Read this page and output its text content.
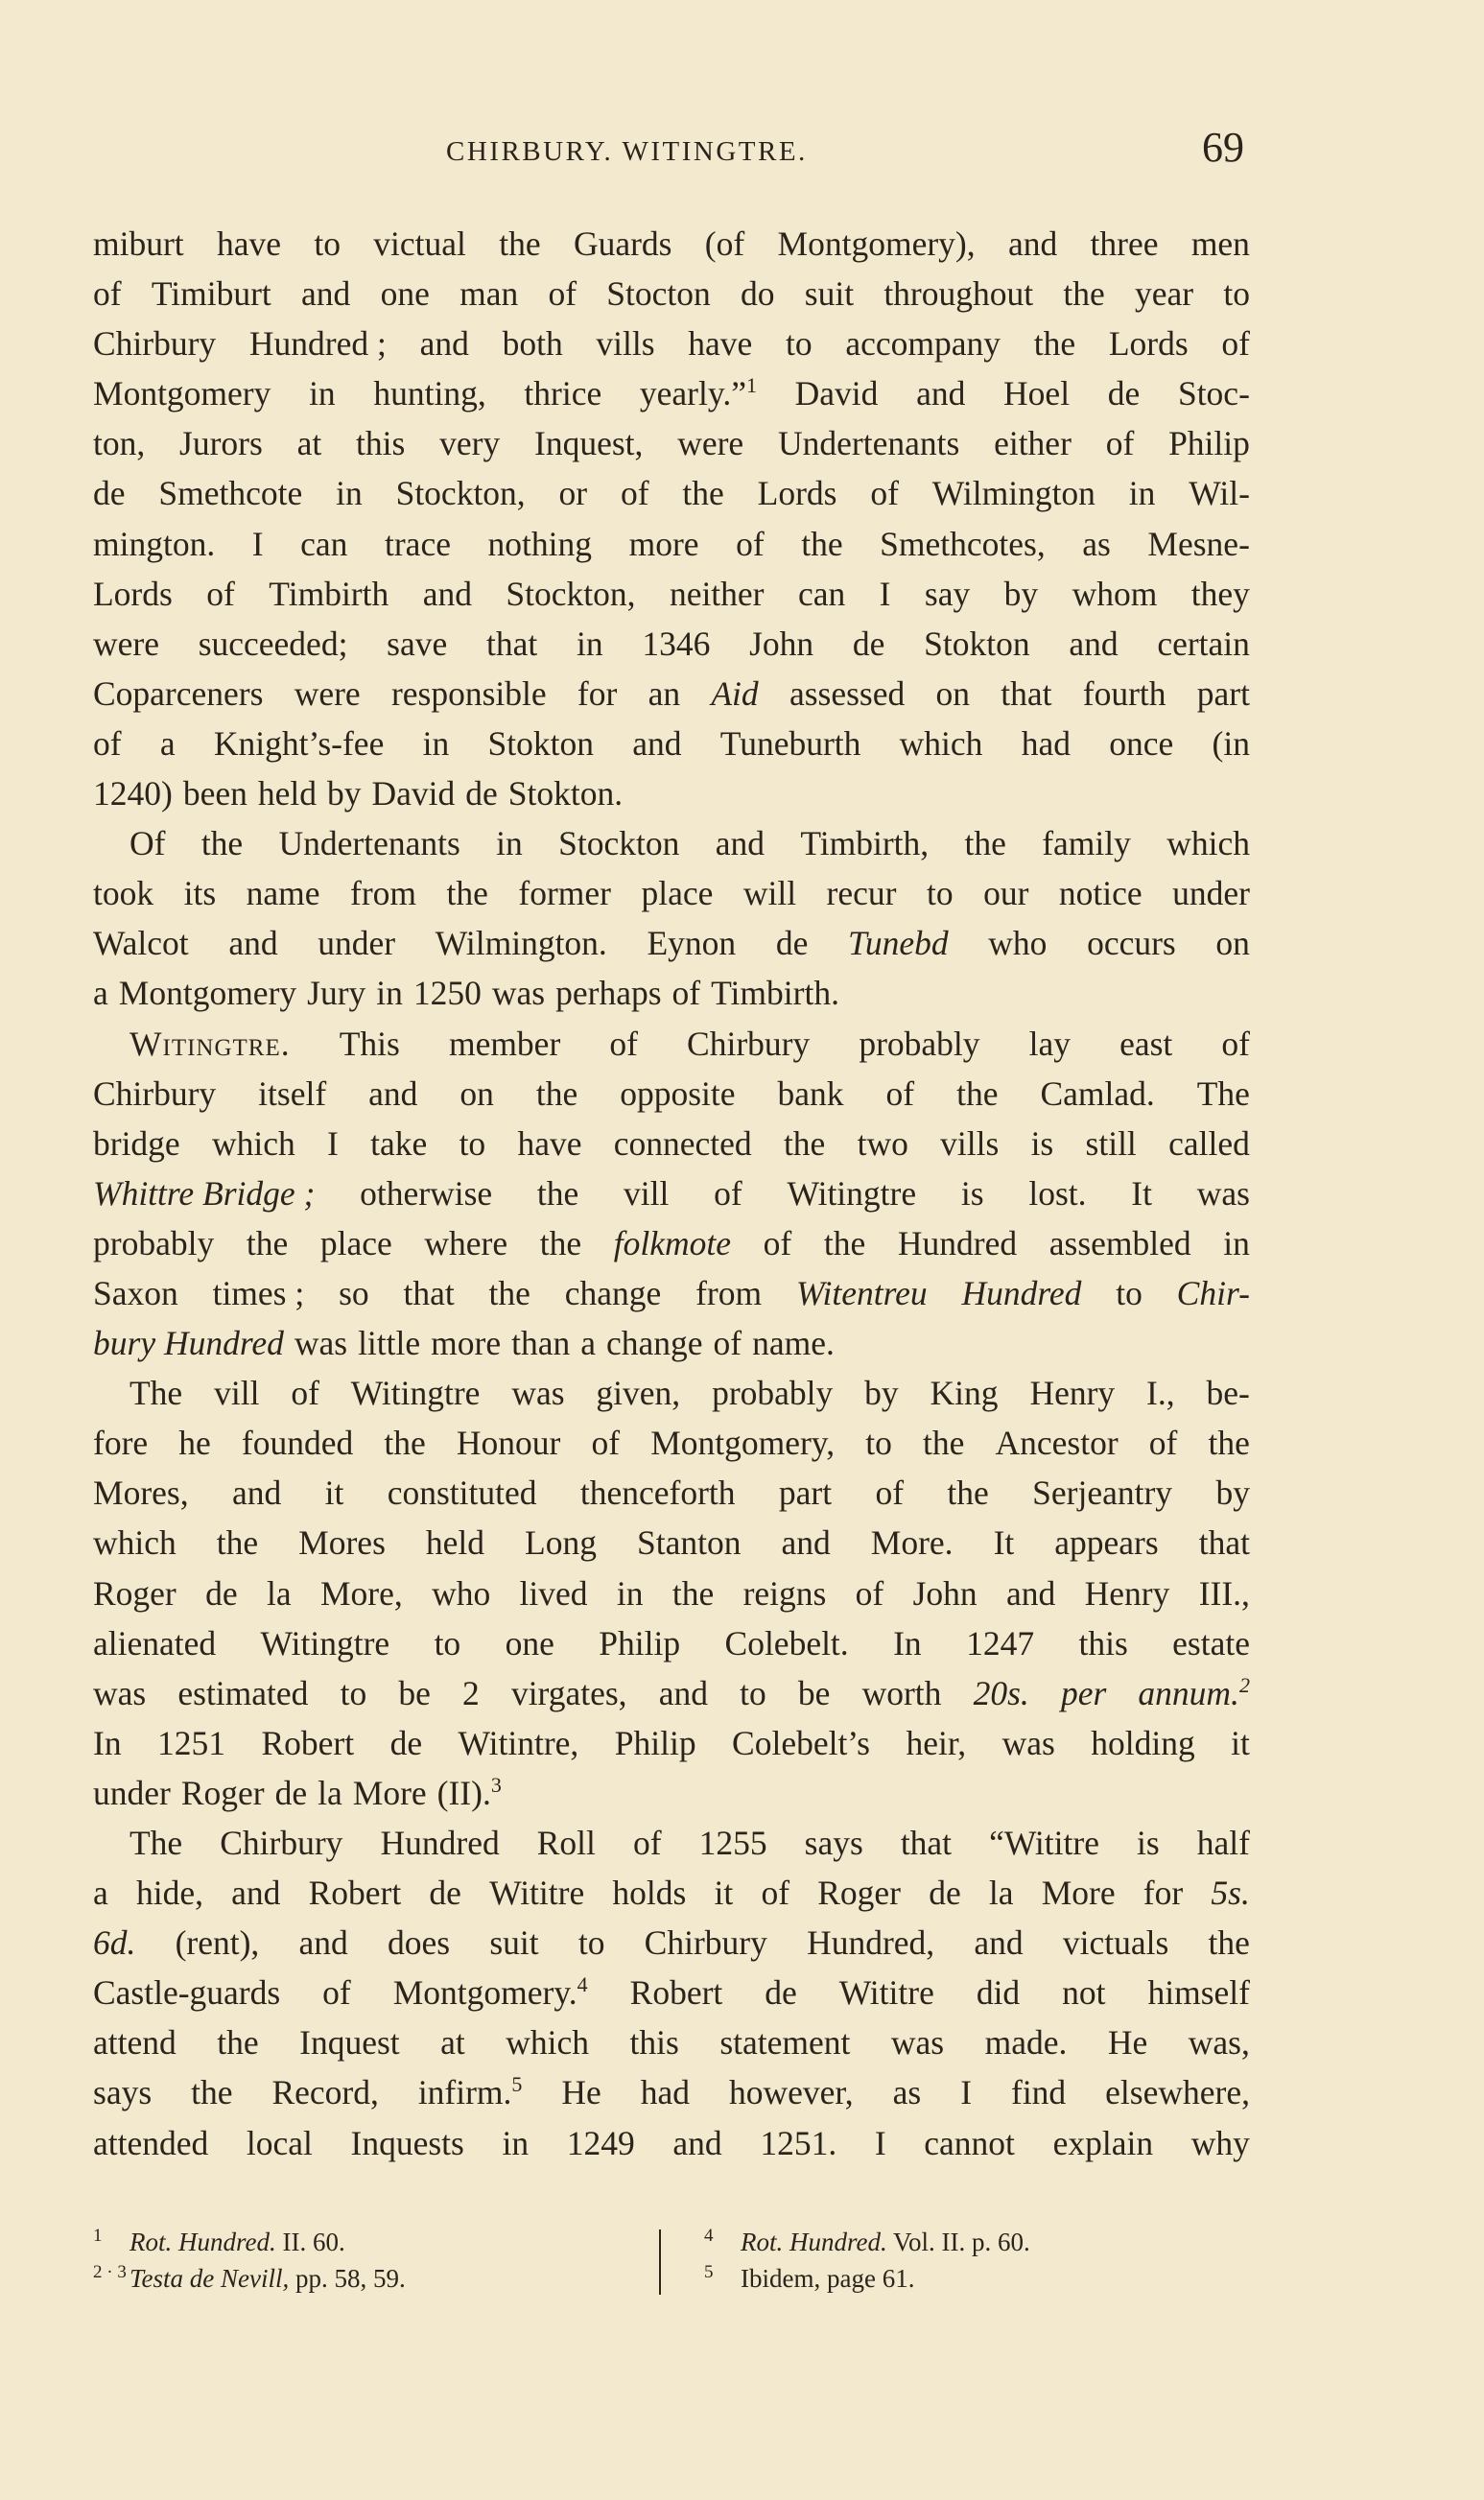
CHIRBURY. WITINGTRE.	69
miburt have to victual the Guards (of Montgomery), and three men
of Timiburt and one man of Stocton do suit throughout the year to
Chirbury Hundred ; and both vills have to accompany the Lords of
Montgomery in hunting, thrice yearly.”$^1$ David and Hoel de Stoc-
ton, Jurors at this very Inquest, were Undertenants either of Philip
de Smethcote in Stockton, or of the Lords of Wilmington in Wil-
mington. I can trace nothing more of the Smethcotes, as Mesne-
Lords of Timbirth and Stockton, neither can I say by whom they
were succeeded; save that in 1346 John de Stokton and certain
Coparceners were responsible for an Aid assessed on that fourth part
of a Knight’s-fee in Stokton and Tuneburth which had once (in
1240) been held by David de Stokton.
Of the Undertenants in Stockton and Timbirth, the family which
took its name from the former place will recur to our notice under
Walcot and under Wilmington. Eynon de Tunebd who occurs on
a Montgomery Jury in 1250 was perhaps of Timbirth.
Witingtre. This member of Chirbury probably lay east of
Chirbury itself and on the opposite bank of the Camlad. The
bridge which I take to have connected the two vills is still called
Whittre Bridge ; otherwise the vill of Witingtre is lost. It was
probably the place where the folkmote of the Hundred assembled in
Saxon times ; so that the change from Witentreu Hundred to Chir-
bury Hundred was little more than a change of name.
The vill of Witingtre was given, probably by King Henry I., be-
fore he founded the Honour of Montgomery, to the Ancestor of the
Mores, and it constituted thenceforth part of the Serjeantry by
which the Mores held Long Stanton and More. It appears that
Roger de la More, who lived in the reigns of John and Henry III.,
alienated Witingtre to one Philip Colebelt. In 1247 this estate
was estimated to be 2 virgates, and to be worth 20s. per annum.$^2$
In 1251 Robert de Witintre, Philip Colebelt’s heir, was holding it
under Roger de la More (II).$^3$
The Chirbury Hundred Roll of 1255 says that “Wititre is half
a hide, and Robert de Wititre holds it of Roger de la More for 5s.
6d. (rent), and does suit to Chirbury Hundred, and victuals the
Castle-guards of Montgomery.$^4$ Robert de Wititre did not himself
attend the Inquest at which this statement was made. He was,
says the Record, infirm.$^5$ He had however, as I find elsewhere,
attended local Inquests in 1249 and 1251. I cannot explain why
1 Rot. Hundred. II. 60.
2 · 3 Testa de Nevill, pp. 58, 59.
4 Rot. Hundred. Vol. II. p. 60.
5 Ibidem, page 61.
